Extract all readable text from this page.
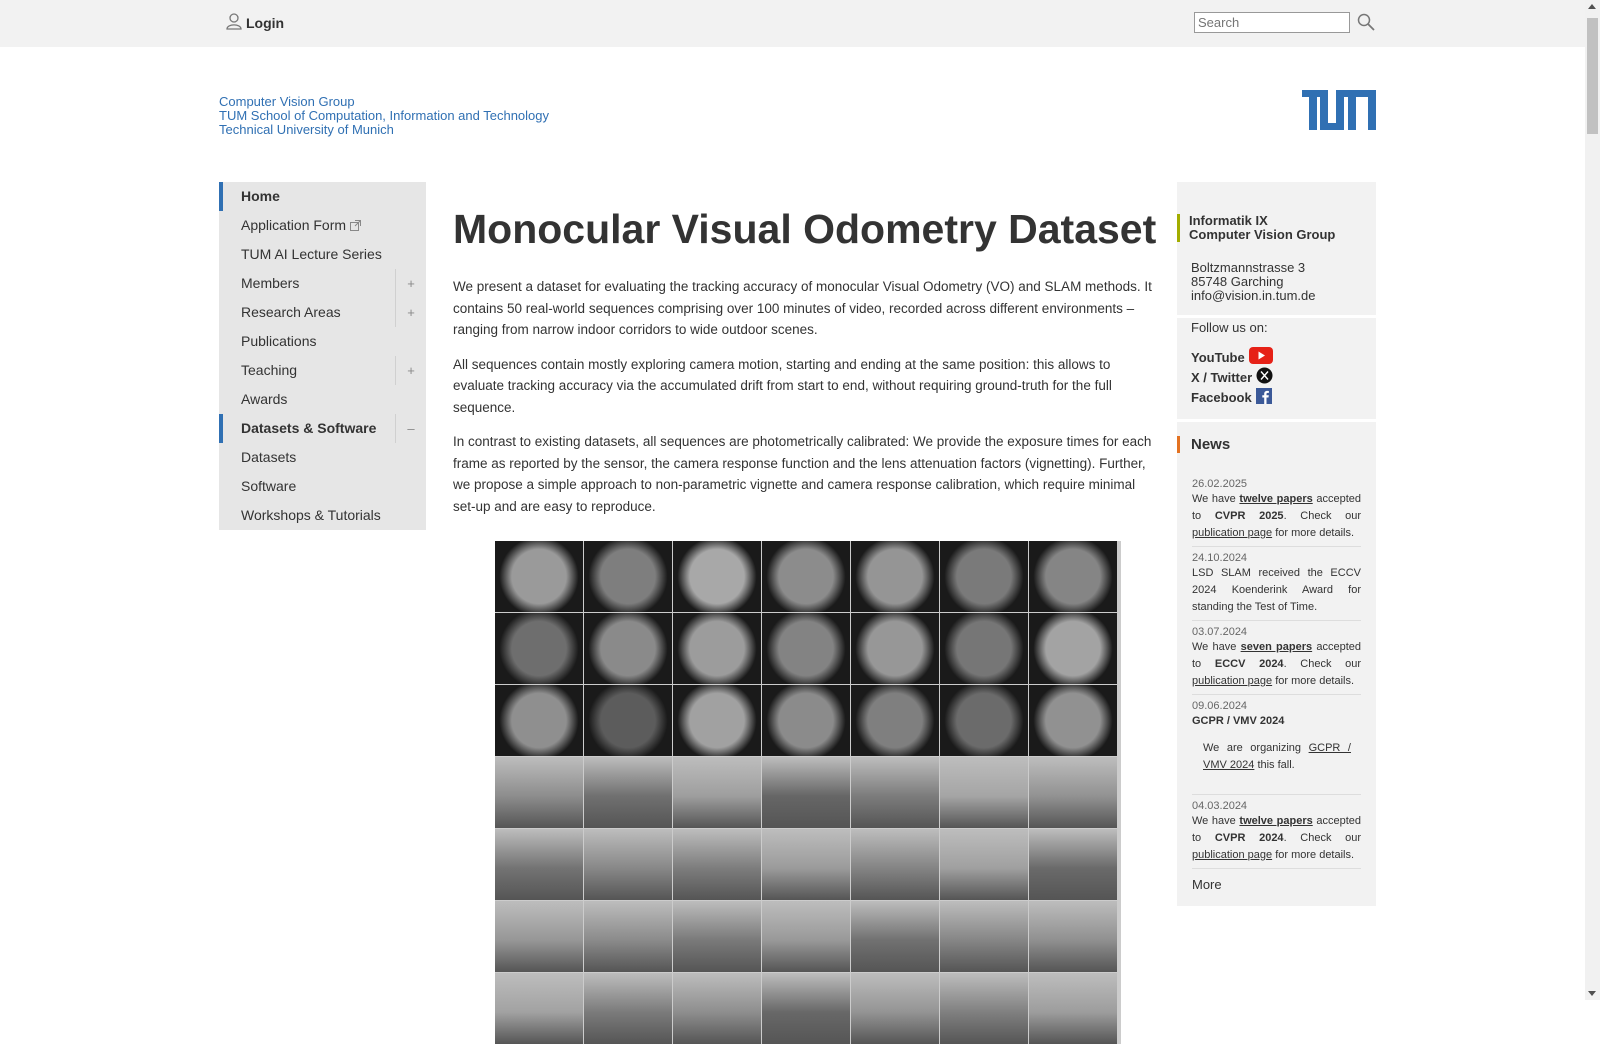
Login
Search
Computer Vision Group
TUM School of Computation, Information and Technology
Technical University of Munich
Home
Application Form
TUM AI Lecture Series
Members	+
Research Areas	+
Publications
Teaching	+
Awards
Datasets & Software	–
Datasets
Software
Workshops & Tutorials
Monocular Visual Odometry Dataset

We present a dataset for evaluating the tracking accuracy of monocular Visual Odometry (VO) and SLAM methods. It contains 50 real-world sequences comprising over 100 minutes of video, recorded across different environments – ranging from narrow indoor corridors to wide outdoor scenes.

All sequences contain mostly exploring camera motion, starting and ending at the same position: this allows to evaluate tracking accuracy via the accumulated drift from start to end, without requiring ground-truth for the full sequence.

In contrast to existing datasets, all sequences are photometrically calibrated: We provide the exposure times for each frame as reported by the sensor, the camera response function and the lens attenuation factors (vignetting). Further, we propose a simple approach to non-parametric vignette and camera response calibration, which require minimal set-up and are easy to reproduce.

Informatik IX
Computer Vision Group
Boltzmannstrasse 3
85748 Garching
info@vision.in.tum.de
Follow us on:
YouTube
X / Twitter
Facebook
News
26.02.2025
We have twelve papers accepted to CVPR 2025. Check our publication page for more details.
24.10.2024
LSD SLAM received the ECCV 2024 Koenderink Award for standing the Test of Time.
03.07.2024
We have seven papers accepted to ECCV 2024. Check our publication page for more details.
09.06.2024
GCPR / VMV 2024
We are organizing GCPR / VMV 2024 this fall.
04.03.2024
We have twelve papers accepted to CVPR 2024. Check our publication page for more details.
More
